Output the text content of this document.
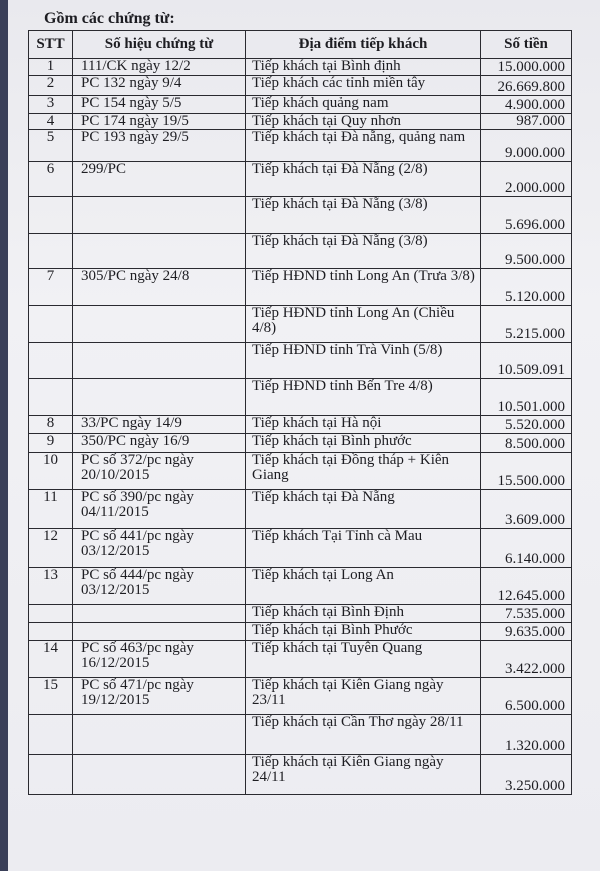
Gồm các chứng từ:
STT	Số hiệu chứng từ	Địa điểm tiếp khách	Số tiền
1	111/CK ngày 12/2	Tiếp khách tại Bình định	15.000.000
2	PC 132 ngày 9/4	Tiếp khách các tỉnh miền tây	26.669.800
3	PC 154 ngày 5/5	Tiếp khách quảng nam	4.900.000
4	PC 174 ngày 19/5	Tiếp khách tại Quy nhơn	987.000
5	PC 193 ngày 29/5	Tiếp khách tại Đà nẵng, quảng nam	9.000.000
6	299/PC	Tiếp khách tại Đà Nẵng (2/8)	2.000.000
		Tiếp khách tại Đà Nẵng (3/8)	5.696.000
		Tiếp khách tại Đà Nẵng (3/8)	9.500.000
7	305/PC ngày 24/8	Tiếp HĐND tỉnh Long An (Trưa 3/8)	5.120.000
		Tiếp HĐND tỉnh Long An (Chiều 4/8)	5.215.000
		Tiếp HĐND tỉnh Trà Vinh (5/8)	10.509.091
		Tiếp HĐND tỉnh Bến Tre 4/8)	10.501.000
8	33/PC ngày 14/9	Tiếp khách tại Hà nội	5.520.000
9	350/PC ngày 16/9	Tiếp khách tại Bình phước	8.500.000
10	PC số 372/pc ngày 20/10/2015	Tiếp khách tại Đồng tháp + Kiên Giang	15.500.000
11	PC số 390/pc ngày 04/11/2015	Tiếp khách tại Đà Nẵng	3.609.000
12	PC số 441/pc ngày 03/12/2015	Tiếp khách Tại Tỉnh cà Mau	6.140.000
13	PC số 444/pc ngày 03/12/2015	Tiếp khách tại Long An	12.645.000
		Tiếp khách tại Bình Định	7.535.000
		Tiếp khách tại Bình Phước	9.635.000
14	PC số 463/pc ngày 16/12/2015	Tiếp khách tại Tuyên Quang	3.422.000
15	PC số 471/pc ngày 19/12/2015	Tiếp khách tại Kiên Giang ngày 23/11	6.500.000
		Tiếp khách tại Cần Thơ ngày 28/11	1.320.000
		Tiếp khách tại Kiên Giang ngày 24/11	3.250.000
